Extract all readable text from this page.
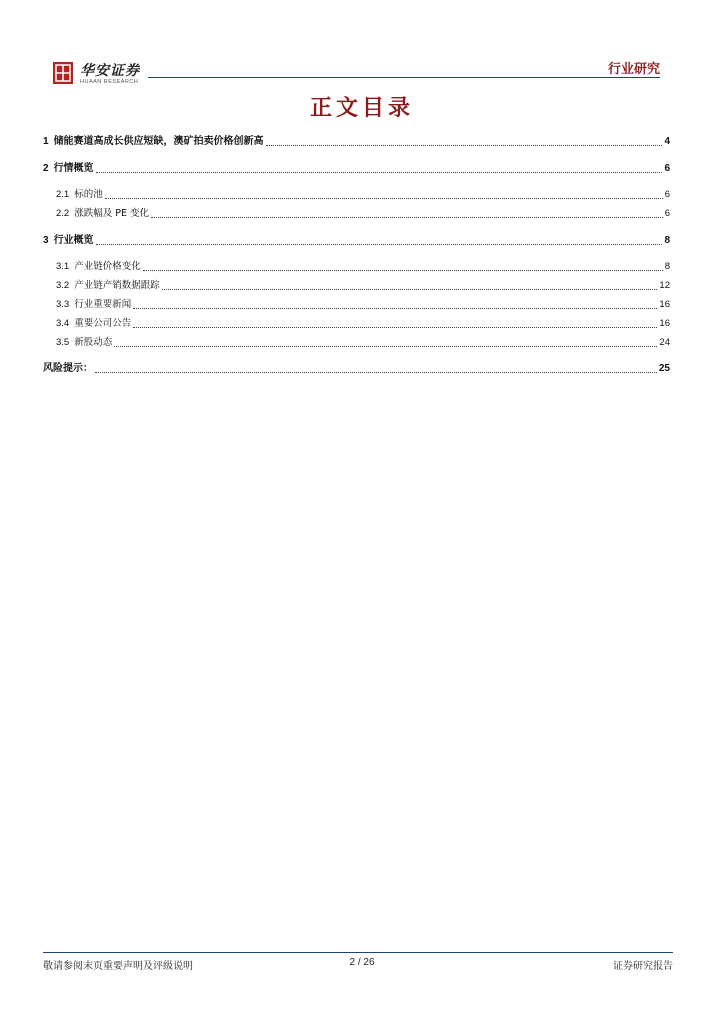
华安证券
HUAAN RESEARCH
行业研究
正文目录
1 储能赛道高成长供应短缺，澳矿拍卖价格创新高	4
2 行情概览	6
2.1 标的池	6
2.2 涨跌幅及 PE 变化	6
3 行业概览	8
3.1 产业链价格变化	8
3.2 产业链产销数据跟踪	12
3.3 行业重要新闻	16
3.4 重要公司公告	16
3.5 新股动态	24
风险提示：	25
敬请参阅末页重要声明及评级说明	2 / 26	证券研究报告
